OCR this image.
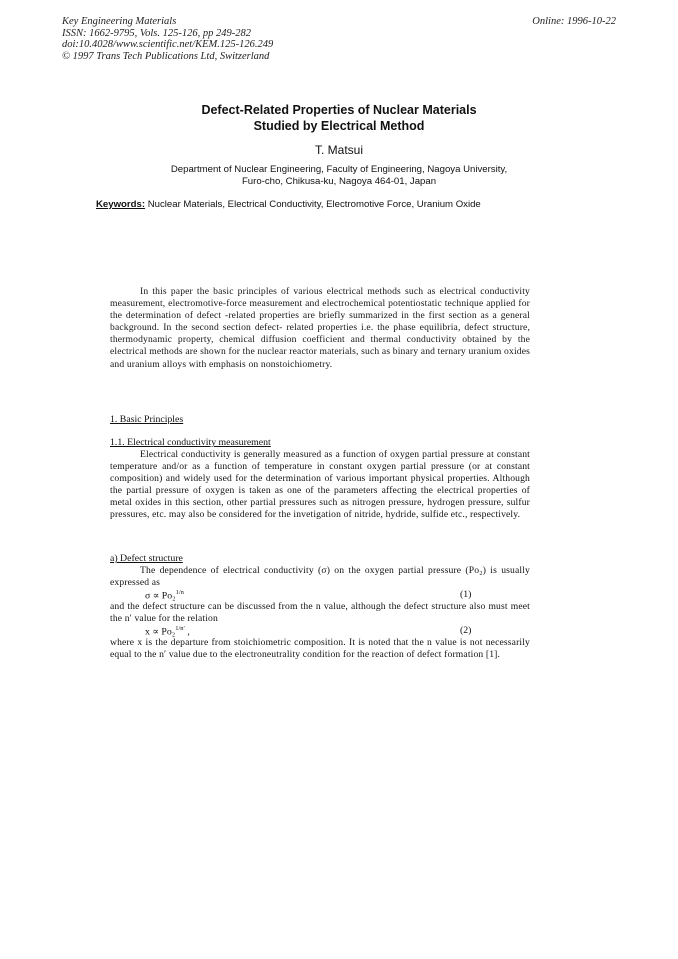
Key Engineering Materials
ISSN: 1662-9795, Vols. 125-126, pp 249-282
doi:10.4028/www.scientific.net/KEM.125-126.249
© 1997 Trans Tech Publications Ltd, Switzerland
Online: 1996-10-22
Defect-Related Properties of Nuclear Materials
Studied by Electrical Method
T. Matsui
Department of Nuclear Engineering, Faculty of Engineering, Nagoya University,
Furo-cho, Chikusa-ku, Nagoya 464-01, Japan
Keywords: Nuclear Materials, Electrical Conductivity, Electromotive Force, Uranium Oxide
In this paper the basic principles of various electrical methods such as electrical conductivity measurement, electromotive-force measurement and electrochemical potentiostatic technique applied for the determination of defect -related properties are briefly summarized in the first section as a general background. In the second section defect- related properties i.e. the phase equilibria, defect structure, thermodynamic property, chemical diffusion coefficient and thermal conductivity obtained by the electrical methods are shown for the nuclear reactor materials, such as binary and ternary uranium oxides and uranium alloys with emphasis on nonstoichiometry.
1. Basic Principles
1.1. Electrical conductivity measurement
Electrical conductivity is generally measured as a function of oxygen partial pressure at constant temperature and/or as a function of temperature in constant oxygen partial pressure (or at constant composition) and widely used for the determination of various important physical properties. Although the partial pressure of oxygen is taken as one of the parameters affecting the electrical properties of metal oxides in this section, other partial pressures such as nitrogen pressure, hydrogen pressure, sulfur pressures, etc. may also be considered for the invetigation of nitride, hydride, sulfide etc., respectively.
a) Defect structure
The dependence of electrical conductivity (σ) on the oxygen partial pressure (Po₂) is usually expressed as
σ ∝ Po₂$^{1/n}$	(1)
and the defect structure can be discussed from the n value, although the defect structure also must meet the n′ value for the relation
x ∝ Po₂$^{1/n'}$ ,	(2)
where x is the departure from stoichiometric composition. It is noted that the n value is not necessarily equal to the n′ value due to the electroneutrality condition for the reaction of defect formation [1].
